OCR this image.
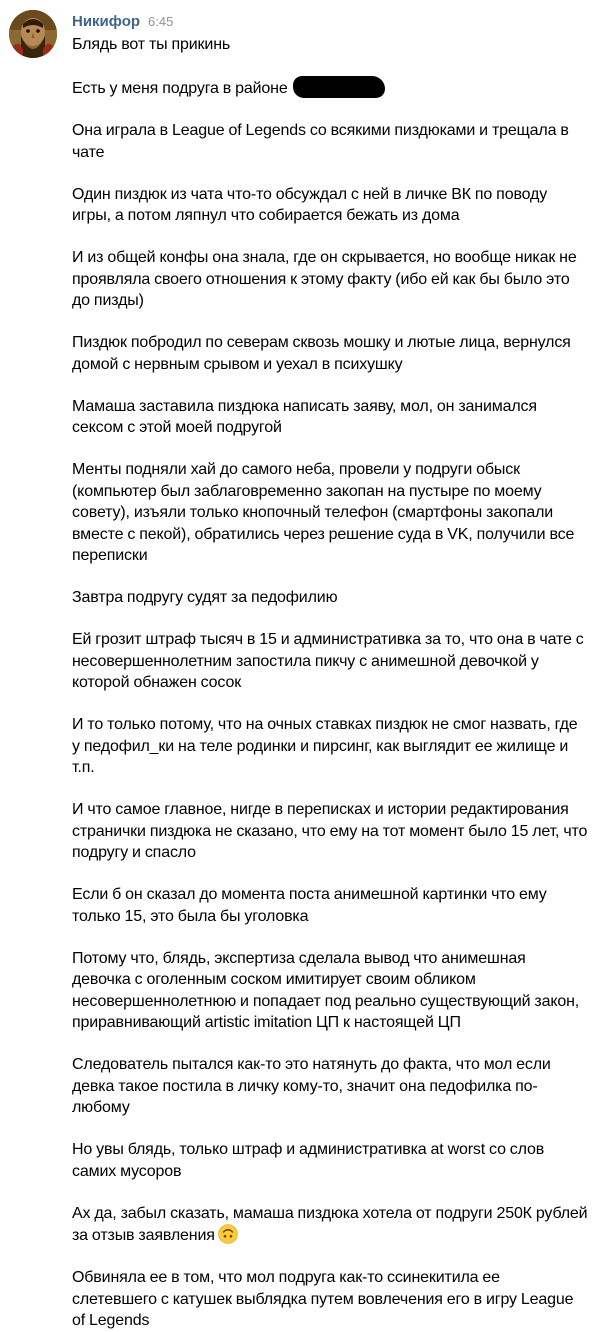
Никифор 6:45

Блядь вот ты прикинь

Есть у меня подруга в районе

Она играла в League of Legends со всякими пиздюками и трещала в чате

Один пиздюк из чата что-то обсуждал с ней в личке ВК по поводу игры, а потом ляпнул что собирается бежать из дома

И из общей конфы она знала, где он скрывается, но вообще никак не проявляла своего отношения к этому факту (ибо ей как бы было это до пизды)

Пиздюк побродил по северам сквозь мошку и лютые лица, вернулся домой с нервным срывом и уехал в психушку

Мамаша заставила пиздюка написать заяву, мол, он занимался сексом с этой моей подругой

Менты подняли хай до самого неба, провели у подруги обыск (компьютер был заблаговременно закопан на пустыре по моему совету), изъяли только кнопочный телефон (смартфоны закопали вместе с пекой), обратились через решение суда в VK, получили все переписки

Завтра подругу судят за педофилию

Ей грозит штраф тысяч в 15 и административка за то, что она в чате с несовершеннолетним запостила пикчу с анимешной девочкой у которой обнажен сосок

И то только потому, что на очных ставках пиздюк не смог назвать, где у педофил_ки на теле родинки и пирсинг, как выглядит ее жилище и т.п.

И что самое главное, нигде в переписках и истории редактирования странички пиздюка не сказано, что ему на тот момент было 15 лет, что подругу и спасло

Если б он сказал до момента поста анимешной картинки что ему только 15, это была бы уголовка

Потому что, блядь, экспертиза сделала вывод что анимешная девочка с оголенным соском имитирует своим обликом несовершеннолетнюю и попадает под реально существующий закон, приравнивающий artistic imitation ЦП к настоящей ЦП

Следователь пытался как-то это натянуть до факта, что мол если девка такое постила в личку кому-то, значит она педофилка по-любому

Но увы блядь, только штраф и административка at worst со слов самих мусоров

Ах да, забыл сказать, мамаша пиздюка хотела от подруги 250К рублей за отзыв заявления

Обвиняла ее в том, что мол подруга как-то ссинекитила ее слетевшего с катушек выблядка путем вовлечения его в игру League of Legends
